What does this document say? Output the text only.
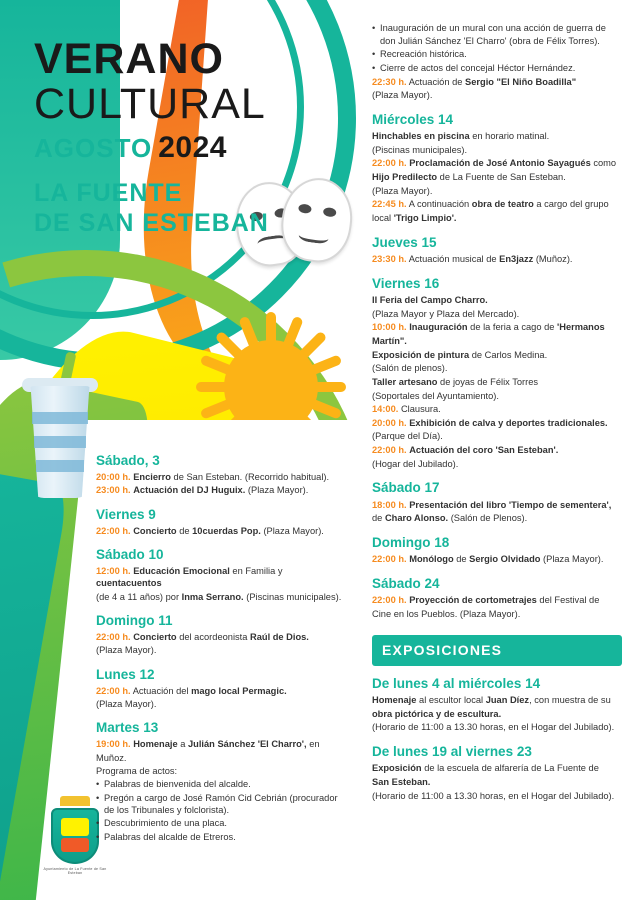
VERANO
CULTURAL
AGOSTO 2024
LA FUENTE
DE SAN ESTEBAN
Ayuntamiento de La Fuente de San Esteban
Sábado, 3
20:00 h. Encierro de San Esteban. (Recorrido habitual).
23:00 h. Actuación del DJ Huguix. (Plaza Mayor).
Viernes 9
22:00 h. Concierto de 10cuerdas Pop. (Plaza Mayor).
Sábado 10
12:00 h. Educación Emocional en Familia y cuentacuentos
(de 4 a 11 años) por Inma Serrano. (Piscinas municipales).
Domingo 11
22:00 h. Concierto del acordeonista Raúl de Dios.
(Plaza Mayor).
Lunes 12
22:00 h. Actuación del mago local Permagic.
(Plaza Mayor).
Martes 13
19:00 h. Homenaje a Julián Sánchez 'El Charro', en
Muñoz.
Programa de actos:
• Palabras de bienvenida del alcalde.
• Pregón a cargo de José Ramón Cid Cebrián (procurador de los Tribunales y folclorista).
• Descubrimiento de una placa.
• Palabras del alcalde de Etreros.
• Inauguración de un mural con una acción de guerra de don Julián Sánchez 'El Charro' (obra de Félix Torres).
• Recreación histórica.
• Cierre de actos del concejal Héctor Hernández.
22:30 h. Actuación de Sergio "El Niño Boadilla"
(Plaza Mayor).
Miércoles 14
Hinchables en piscina en horario matinal.
(Piscinas municipales).
22:00 h. Proclamación de José Antonio Sayagués como
Hijo Predilecto de La Fuente de San Esteban.
(Plaza Mayor).
22:45 h. A continuación obra de teatro a cargo del grupo
local 'Trigo Limpio'.
Jueves 15
23:30 h. Actuación musical de En3jazz (Muñoz).
Viernes 16
II Feria del Campo Charro.
(Plaza Mayor y Plaza del Mercado).
10:00 h. Inauguración de la feria a cago de 'Hermanos
Martín".
Exposición de pintura de Carlos Medina.
(Salón de plenos).
Taller artesano de joyas de Félix Torres
(Soportales del Ayuntamiento).
14:00. Clausura.
20:00 h. Exhibición de calva y deportes tradicionales.
(Parque del Día).
22:00 h. Actuación del coro 'San Esteban'.
(Hogar del Jubilado).
Sábado 17
18:00 h. Presentación del libro 'Tiempo de sementera',
de Charo Alonso. (Salón de Plenos).
Domingo 18
22:00 h. Monólogo de Sergio Olvidado (Plaza Mayor).
Sábado 24
22:00 h. Proyección de cortometrajes del Festival de
Cine en los Pueblos. (Plaza Mayor).
EXPOSICIONES
De lunes 4 al miércoles 14
Homenaje al escultor local Juan Díez, con muestra de su
obra pictórica y de escultura.
(Horario de 11:00 a 13.30 horas, en el Hogar del Jubilado).
De lunes 19 al viernes 23
Exposición de la escuela de alfarería de La Fuente de
San Esteban.
(Horario de 11:00 a 13.30 horas, en el Hogar del Jubilado).
